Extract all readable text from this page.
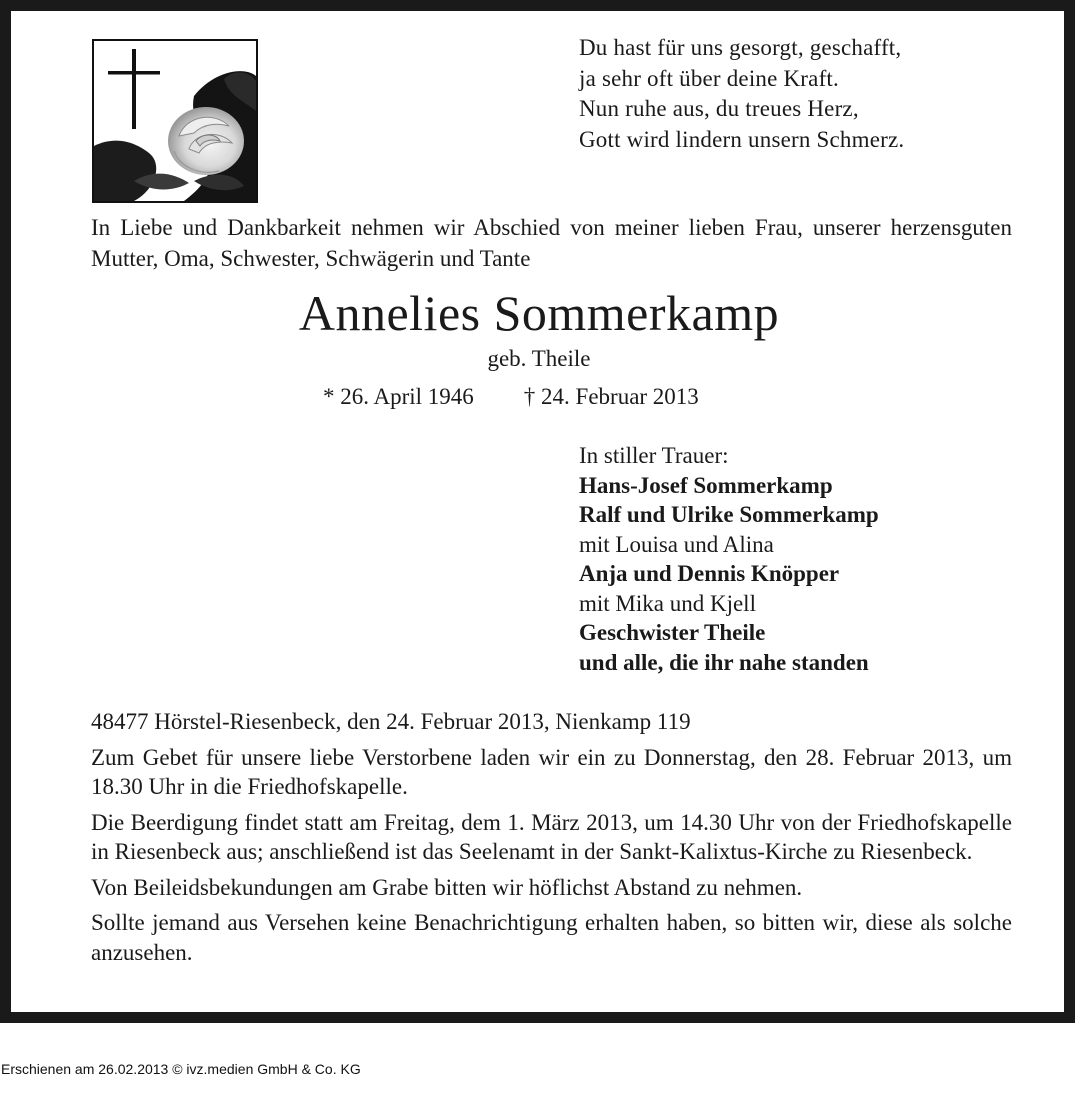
Du hast für uns gesorgt, geschafft,
ja sehr oft über deine Kraft.
Nun ruhe aus, du treues Herz,
Gott wird lindern unsern Schmerz.
In Liebe und Dankbarkeit nehmen wir Abschied von meiner lieben Frau, unserer herzensguten Mutter, Oma, Schwester, Schwägerin und Tante
Annelies Sommerkamp
geb. Theile
* 26. April 1946 † 24. Februar 2013
In stiller Trauer:
Hans-Josef Sommerkamp
Ralf und Ulrike Sommerkamp
mit Louisa und Alina
Anja und Dennis Knöpper
mit Mika und Kjell
Geschwister Theile
und alle, die ihr nahe standen

48477 Hörstel-Riesenbeck, den 24. Februar 2013, Nienkamp 119

Zum Gebet für unsere liebe Verstorbene laden wir ein zu Donnerstag, den 28. Februar 2013, um 18.30 Uhr in die Friedhofskapelle.

Die Beerdigung findet statt am Freitag, dem 1. März 2013, um 14.30 Uhr von der Friedhofskapelle in Riesenbeck aus; anschließend ist das Seelenamt in der Sankt-Kalixtus-Kirche zu Riesenbeck.

Von Beileidsbekundungen am Grabe bitten wir höflichst Abstand zu nehmen.

Sollte jemand aus Versehen keine Benachrichtigung erhalten haben, so bitten wir, diese als solche anzusehen.

Erschienen am 26.02.2013 © ivz.medien GmbH & Co. KG
